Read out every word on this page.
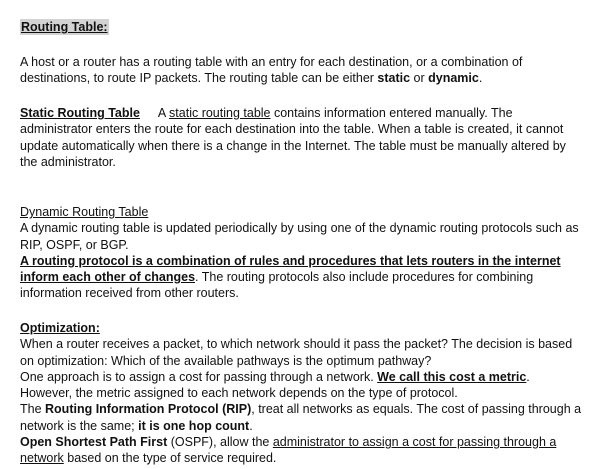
Routing Table:
A host or a router has a routing table with an entry for each destination, or a combination of destinations, to route IP packets. The routing table can be either static or dynamic.
Static Routing Table A static routing table contains information entered manually. The administrator enters the route for each destination into the table. When a table is created, it cannot update automatically when there is a change in the Internet. The table must be manually altered by the administrator.
Dynamic Routing Table
A dynamic routing table is updated periodically by using one of the dynamic routing protocols such as RIP, OSPF, or BGP.
A routing protocol is a combination of rules and procedures that lets routers in the internet inform each other of changes. The routing protocols also include procedures for combining information received from other routers.
Optimization:
When a router receives a packet, to which network should it pass the packet? The decision is based on optimization: Which of the available pathways is the optimum pathway?
One approach is to assign a cost for passing through a network. We call this cost a metric. However, the metric assigned to each network depends on the type of protocol.
The Routing Information Protocol (RIP), treat all networks as equals. The cost of passing through a network is the same; it is one hop count.
Open Shortest Path First (OSPF), allow the administrator to assign a cost for passing through a network based on the type of service required.
